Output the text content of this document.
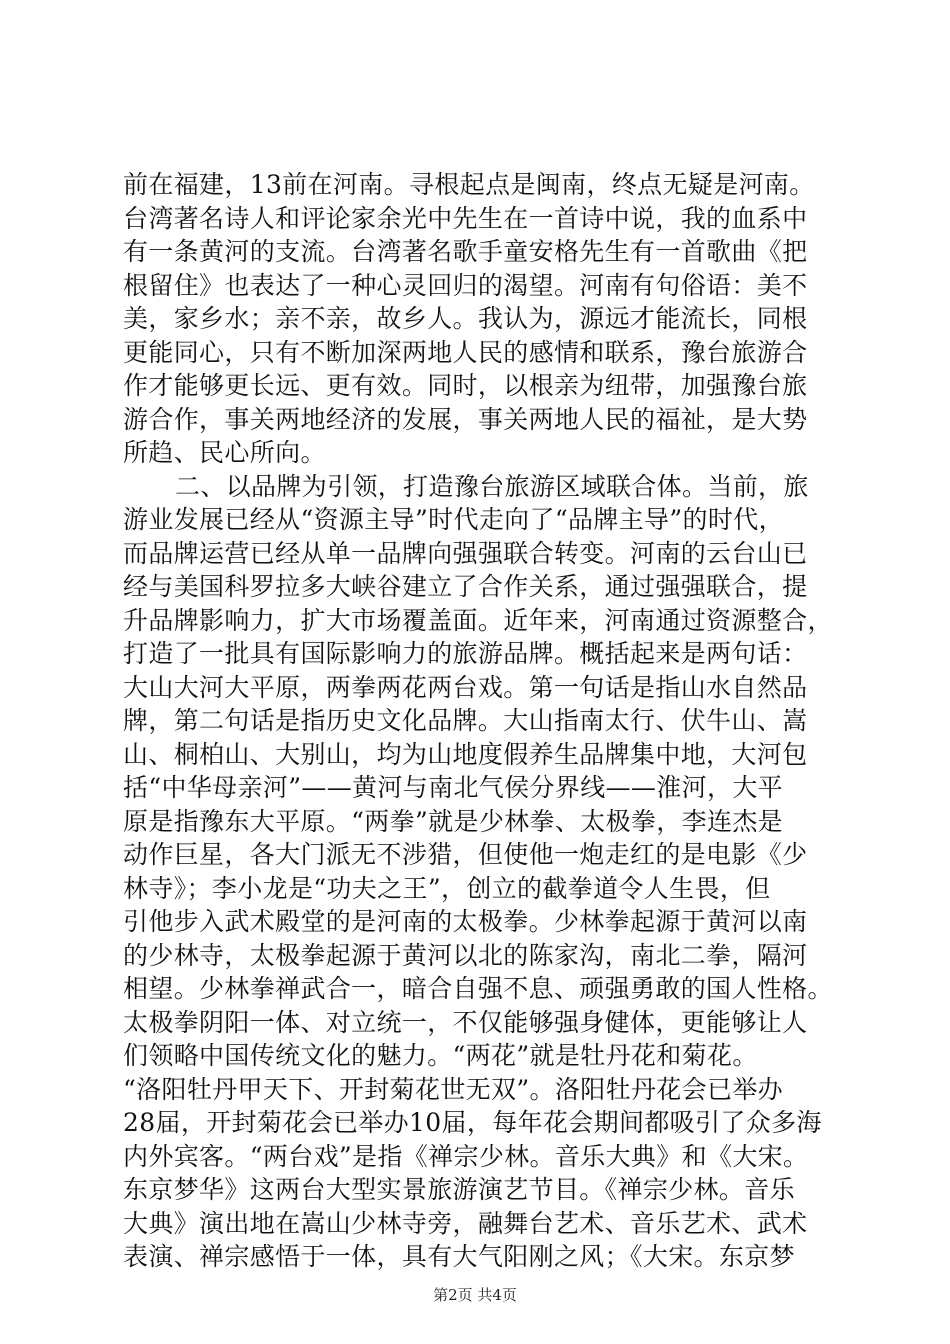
前在福建，13前在河南。寻根起点是闽南，终点无疑是河南。
台湾著名诗人和评论家余光中先生在一首诗中说，我的血系中
有一条黄河的支流。台湾著名歌手童安格先生有一首歌曲《把
根留住》也表达了一种心灵回归的渴望。河南有句俗语：美不
美，家乡水；亲不亲，故乡人。我认为，源远才能流长，同根
更能同心，只有不断加深两地人民的感情和联系，豫台旅游合
作才能够更长远、更有效。同时，以根亲为纽带，加强豫台旅
游合作，事关两地经济的发展，事关两地人民的福祉，是大势
所趋、民心所向。
二、以品牌为引领，打造豫台旅游区域联合体。当前，旅
游业发展已经从“资源主导”时代走向了“品牌主导”的时代，
而品牌运营已经从单一品牌向强强联合转变。河南的云台山已
经与美国科罗拉多大峡谷建立了合作关系，通过强强联合，提
升品牌影响力，扩大市场覆盖面。近年来，河南通过资源整合，
打造了一批具有国际影响力的旅游品牌。概括起来是两句话：
大山大河大平原，两拳两花两台戏。第一句话是指山水自然品
牌，第二句话是指历史文化品牌。大山指南太行、伏牛山、嵩
山、桐柏山、大别山，均为山地度假养生品牌集中地，大河包
括“中华母亲河”——黄河与南北气侯分界线——淮河，大平
原是指豫东大平原。“两拳”就是少林拳、太极拳，李连杰是
动作巨星，各大门派无不涉猎，但使他一炮走红的是电影《少
林寺》；李小龙是“功夫之王”，创立的截拳道令人生畏，但
引他步入武术殿堂的是河南的太极拳。少林拳起源于黄河以南
的少林寺，太极拳起源于黄河以北的陈家沟，南北二拳，隔河
相望。少林拳禅武合一，暗合自强不息、顽强勇敢的国人性格。
太极拳阴阳一体、对立统一，不仅能够强身健体，更能够让人
们领略中国传统文化的魅力。“两花”就是牡丹花和菊花。
“洛阳牡丹甲天下、开封菊花世无双”。洛阳牡丹花会已举办
28届，开封菊花会已举办10届，每年花会期间都吸引了众多海
内外宾客。“两台戏”是指《禅宗少林。音乐大典》和《大宋。
东京梦华》这两台大型实景旅游演艺节目。《禅宗少林。音乐
大典》演出地在嵩山少林寺旁，融舞台艺术、音乐艺术、武术
表演、禅宗感悟于一体，具有大气阳刚之风；《大宋。东京梦
第2页 共4页
